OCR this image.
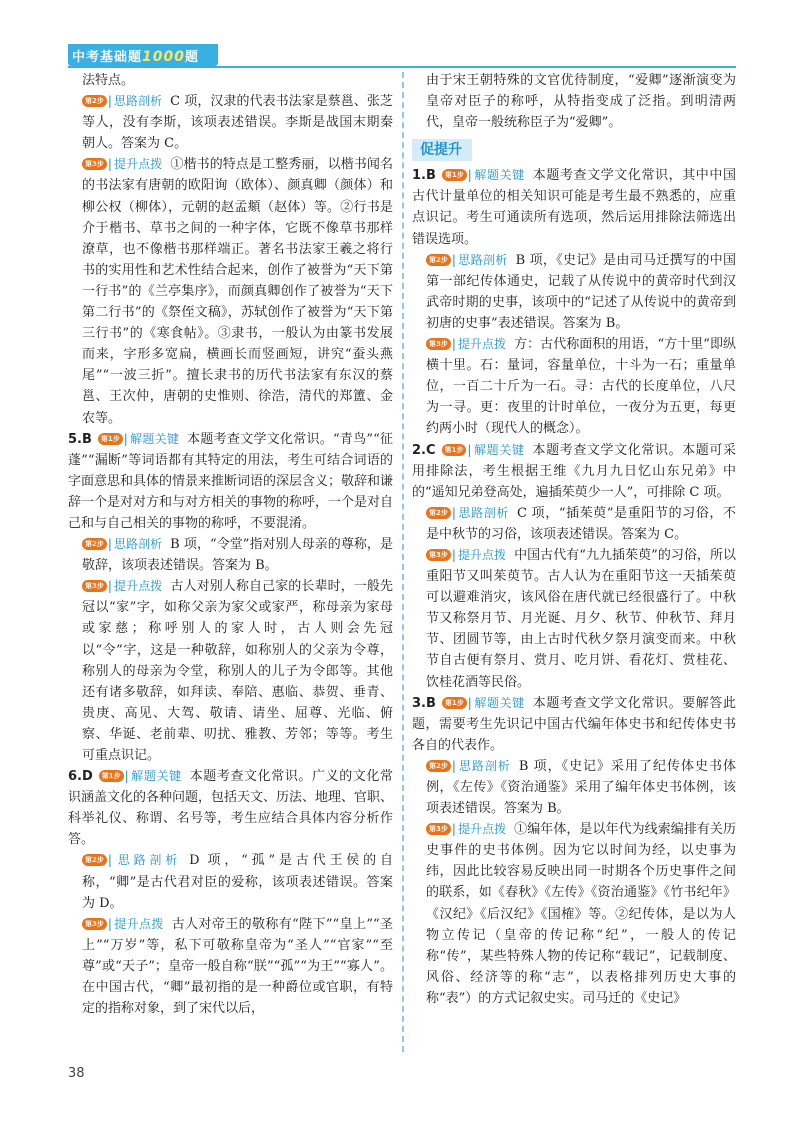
中考基础题1000题

法特点。

第2步 | 思路剖析 C 项，汉隶的代表书法家是蔡邕、张芝等人，没有李斯，该项表述错误。李斯是战国末期秦朝人。答案为 C。

第3步 | 提升点拨 ①楷书的特点是工整秀丽，以楷书闻名的书法家有唐朝的欧阳询（欧体）、颜真卿（颜体）和柳公权（柳体），元朝的赵孟頫（赵体）等。②行书是介于楷书、草书之间的一种字体，它既不像草书那样潦草，也不像楷书那样端正。著名书法家王羲之将行书的实用性和艺术性结合起来，创作了被誉为“天下第一行书”的《兰亭集序》，而颜真卿创作了被誉为“天下第二行书”的《祭侄文稿》，苏轼创作了被誉为“天下第三行书”的《寒食帖》。③隶书，一般认为由篆书发展而来，字形多宽扁，横画长而竖画短，讲究“蚕头燕尾”“一波三折”。擅长隶书的历代书法家有东汉的蔡邕、王次仲，唐朝的史惟则、徐浩，清代的郑簠、金农等。

5.B 第1步 | 解题关键 本题考查文学文化常识。“青鸟”“征蓬”“漏断”等词语都有其特定的用法，考生可结合词语的字面意思和具体的情景来推断词语的深层含义；敬辞和谦辞一个是对对方和与对方相关的事物的称呼，一个是对自己和与自己相关的事物的称呼，不要混淆。

第2步 | 思路剖析 B 项，“令堂”指对别人母亲的尊称，是敬辞，该项表述错误。答案为 B。

第3步 | 提升点拨 古人对别人称自己家的长辈时，一般先冠以“家”字，如称父亲为家父或家严，称母亲为家母或家慈；称呼别人的家人时，古人则会先冠以“令”字，这是一种敬辞，如称别人的父亲为令尊，称别人的母亲为令堂，称别人的儿子为令郎等。其他还有诸多敬辞，如拜读、奉陪、惠临、恭贺、垂青、贵庚、高见、大驾、敬请、请坐、屈尊、光临、俯察、华诞、老前辈、叨扰、雅教、芳邻；等等。考生可重点识记。

6.D 第1步 | 解题关键 本题考查文化常识。广义的文化常识涵盖文化的各种问题，包括天文、历法、地理、官职、科举礼仪、称谓、名号等，考生应结合具体内容分析作答。

第2步 | 思路剖析 D 项，“孤”是古代王侯的自称，“卿”是古代君对臣的爱称，该项表述错误。答案为 D。

第3步 | 提升点拨 古人对帝王的敬称有“陛下”“皇上”“圣上”“万岁”等，私下可敬称皇帝为“圣人”“官家”“至尊”或“天子”；皇帝一般自称“朕”“孤”“为王”“寡人”。在中国古代，“卿”最初指的是一种爵位或官职，有特定的指称对象，到了宋代以后，

由于宋王朝特殊的文官优待制度，“爱卿”逐渐演变为皇帝对臣子的称呼，从特指变成了泛指。到明清两代，皇帝一般统称臣子为“爱卿”。

促提升

1.B 第1步 | 解题关键 本题考查文学文化常识，其中中国古代计量单位的相关知识可能是考生最不熟悉的，应重点识记。考生可通读所有选项，然后运用排除法筛选出错误选项。

第2步 | 思路剖析 B 项，《史记》是由司马迁撰写的中国第一部纪传体通史，记载了从传说中的黄帝时代到汉武帝时期的史事，该项中的“记述了从传说中的黄帝到初唐的史事”表述错误。答案为 B。

第3步 | 提升点拨 方：古代称面积的用语，“方十里”即纵横十里。石：量词，容量单位，十斗为一石；重量单位，一百二十斤为一石。寻：古代的长度单位，八尺为一寻。更：夜里的计时单位，一夜分为五更，每更约两小时（现代人的概念）。

2.C 第1步 | 解题关键 本题考查文学文化常识。本题可采用排除法，考生根据王维《九月九日忆山东兄弟》中的“遥知兄弟登高处，遍插茱萸少一人”，可排除 C 项。

第2步 | 思路剖析 C 项，“插茱萸”是重阳节的习俗，不是中秋节的习俗，该项表述错误。答案为 C。

第3步 | 提升点拨 中国古代有“九九插茱萸”的习俗，所以重阳节又叫茱萸节。古人认为在重阳节这一天插茱萸可以避难消灾，该风俗在唐代就已经很盛行了。中秋节又称祭月节、月光诞、月夕、秋节、仲秋节、拜月节、团圆节等，由上古时代秋夕祭月演变而来。中秋节自古便有祭月、赏月、吃月饼、看花灯、赏桂花、饮桂花酒等民俗。

3.B 第1步 | 解题关键 本题考查文学文化常识。要解答此题，需要考生先识记中国古代编年体史书和纪传体史书各自的代表作。

第2步 | 思路剖析 B 项，《史记》采用了纪传体史书体例，《左传》《资治通鉴》采用了编年体史书体例，该项表述错误。答案为 B。

第3步 | 提升点拨 ①编年体，是以年代为线索编排有关历史事件的史书体例。因为它以时间为经，以史事为纬，因此比较容易反映出同一时期各个历史事件之间的联系，如《春秋》《左传》《资治通鉴》《竹书纪年》《汉纪》《后汉纪》《国榷》等。②纪传体，是以为人物立传记（皇帝的传记称“纪”，一般人的传记称“传”，某些特殊人物的传记称“载记”，记载制度、风俗、经济等的称“志”，以表格排列历史大事的称“表”）的方式记叙史实。司马迁的《史记》

38
